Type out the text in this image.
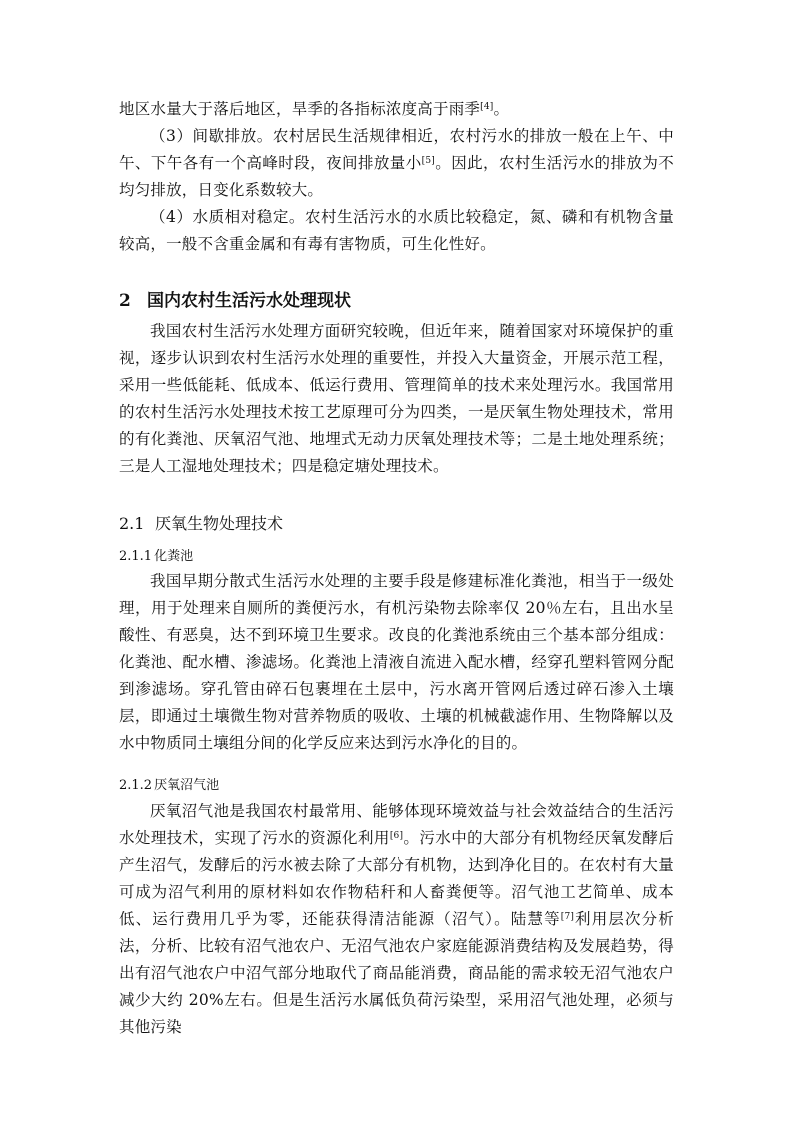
地区水量大于落后地区，旱季的各指标浓度高于雨季[4]。

（3）间歇排放。农村居民生活规律相近，农村污水的排放一般在上午、中午、下午各有一个高峰时段，夜间排放量小[5]。因此，农村生活污水的排放为不均匀排放，日变化系数较大。

（4）水质相对稳定。农村生活污水的水质比较稳定，氮、磷和有机物含量较高，一般不含重金属和有毒有害物质，可生化性好。

2 国内农村生活污水处理现状

我国农村生活污水处理方面研究较晚，但近年来，随着国家对环境保护的重视，逐步认识到农村生活污水处理的重要性，并投入大量资金，开展示范工程，采用一些低能耗、低成本、低运行费用、管理简单的技术来处理污水。我国常用的农村生活污水处理技术按工艺原理可分为四类，一是厌氧生物处理技术，常用的有化粪池、厌氧沼气池、地埋式无动力厌氧处理技术等；二是土地处理系统；三是人工湿地处理技术；四是稳定塘处理技术。

2.1 厌氧生物处理技术

2.1.1 化粪池

我国早期分散式生活污水处理的主要手段是修建标准化粪池，相当于一级处理，用于处理来自厕所的粪便污水，有机污染物去除率仅 20％左右，且出水呈酸性、有恶臭，达不到环境卫生要求。改良的化粪池系统由三个基本部分组成：化粪池、配水槽、渗滤场。化粪池上清液自流进入配水槽，经穿孔塑料管网分配到渗滤场。穿孔管由碎石包裹埋在土层中，污水离开管网后透过碎石渗入土壤层，即通过土壤微生物对营养物质的吸收、土壤的机械截滤作用、生物降解以及水中物质同土壤组分间的化学反应来达到污水净化的目的。

2.1.2 厌氧沼气池

厌氧沼气池是我国农村最常用、能够体现环境效益与社会效益结合的生活污水处理技术，实现了污水的资源化利用[6]。污水中的大部分有机物经厌氧发酵后产生沼气，发酵后的污水被去除了大部分有机物，达到净化目的。在农村有大量可成为沼气利用的原材料如农作物秸秆和人畜粪便等。沼气池工艺简单、成本低、运行费用几乎为零，还能获得清洁能源（沼气）。陆慧等[7]利用层次分析法，分析、比较有沼气池农户、无沼气池农户家庭能源消费结构及发展趋势，得出有沼气池农户中沼气部分地取代了商品能消费，商品能的需求较无沼气池农户减少大约 20%左右。但是生活污水属低负荷污染型，采用沼气池处理，必须与其他污染
